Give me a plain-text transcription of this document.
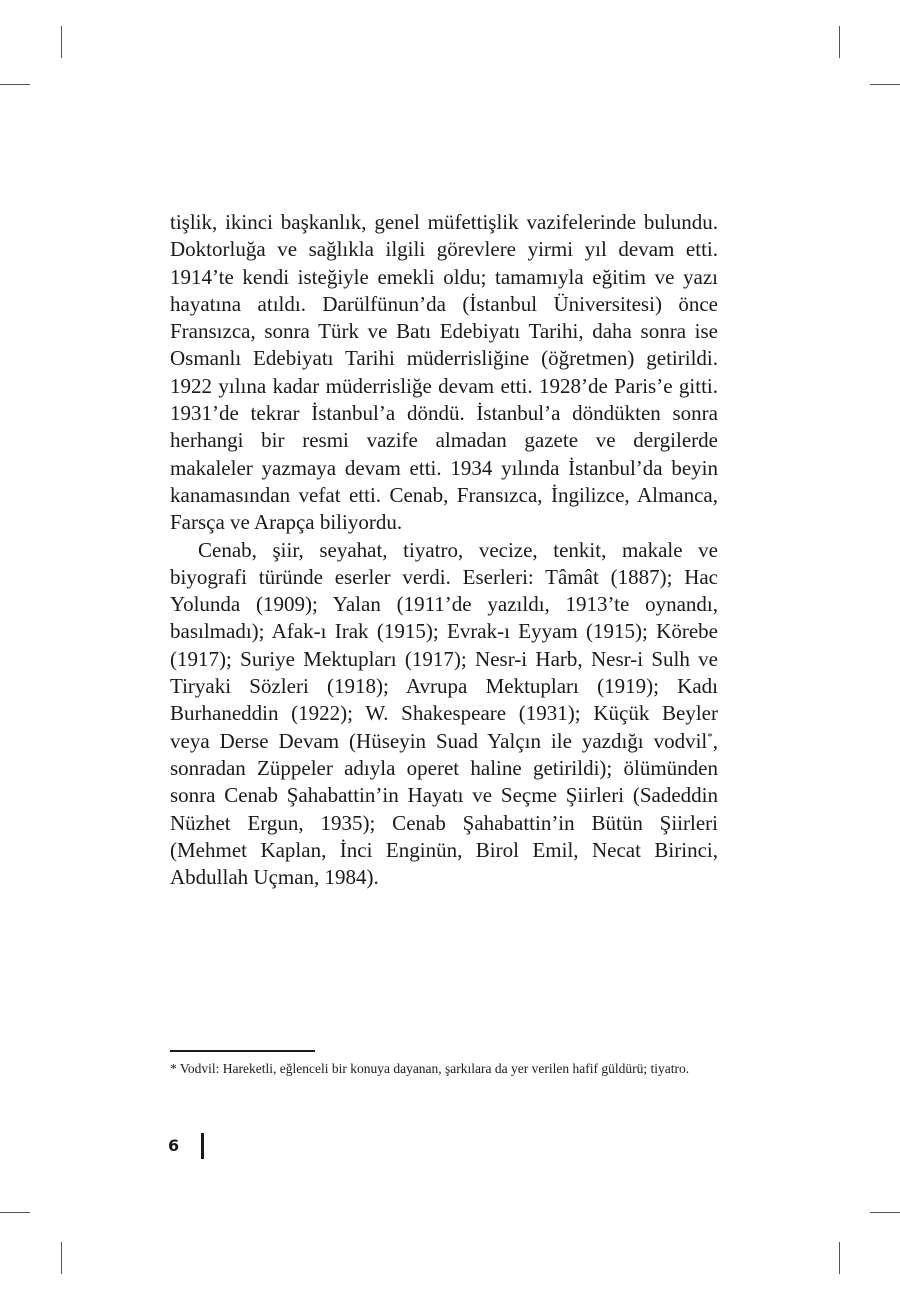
tişlik, ikinci başkanlık, genel müfettişlik vazifelerinde bulundu. Doktorluğa ve sağlıkla ilgili görevlere yirmi yıl devam etti. 1914’te kendi isteğiyle emekli oldu; tamamıyla eğitim ve yazı hayatına atıldı. Darülfünun’da (İstanbul Üniversitesi) önce Fransızca, sonra Türk ve Batı Edebiyatı Tarihi, daha sonra ise Osmanlı Edebiyatı Tarihi müderrisliğine (öğretmen) getirildi. 1922 yılına kadar müderrisliğe devam etti. 1928’de Paris’e gitti. 1931’de tekrar İstanbul’a döndü. İstanbul’a döndükten sonra herhangi bir resmi vazife almadan gazete ve dergilerde makaleler yazmaya devam etti. 1934 yılında İstanbul’da beyin kanamasından vefat etti. Cenab, Fransızca, İngilizce, Almanca, Farsça ve Arapça biliyordu.

Cenab, şiir, seyahat, tiyatro, vecize, tenkit, makale ve biyografi türünde eserler verdi. Eserleri: Tâmât (1887); Hac Yolunda (1909); Yalan (1911’de yazıldı, 1913’te oynandı, basılmadı); Afak-ı Irak (1915); Evrak-ı Eyyam (1915); Körebe (1917); Suriye Mektupları (1917); Nesr-i Harb, Nesr-i Sulh ve Tiryaki Sözleri (1918); Avrupa Mektupları (1919); Kadı Burhaneddin (1922); W. Shakespeare (1931); Küçük Beyler veya Derse Devam (Hüseyin Suad Yalçın ile yazdığı vodvil*, sonradan Züppeler adıyla operet haline getirildi); ölümünden sonra Cenab Şahabattin’in Hayatı ve Seçme Şiirleri (Sadeddin Nüzhet Ergun, 1935); Cenab Şahabattin’in Bütün Şiirleri (Mehmet Kaplan, İnci Enginün, Birol Emil, Necat Birinci, Abdullah Uçman, 1984).

* Vodvil: Hareketli, eğlenceli bir konuya dayanan, şarkılara da yer verilen hafif güldürü; tiyatro.

6
